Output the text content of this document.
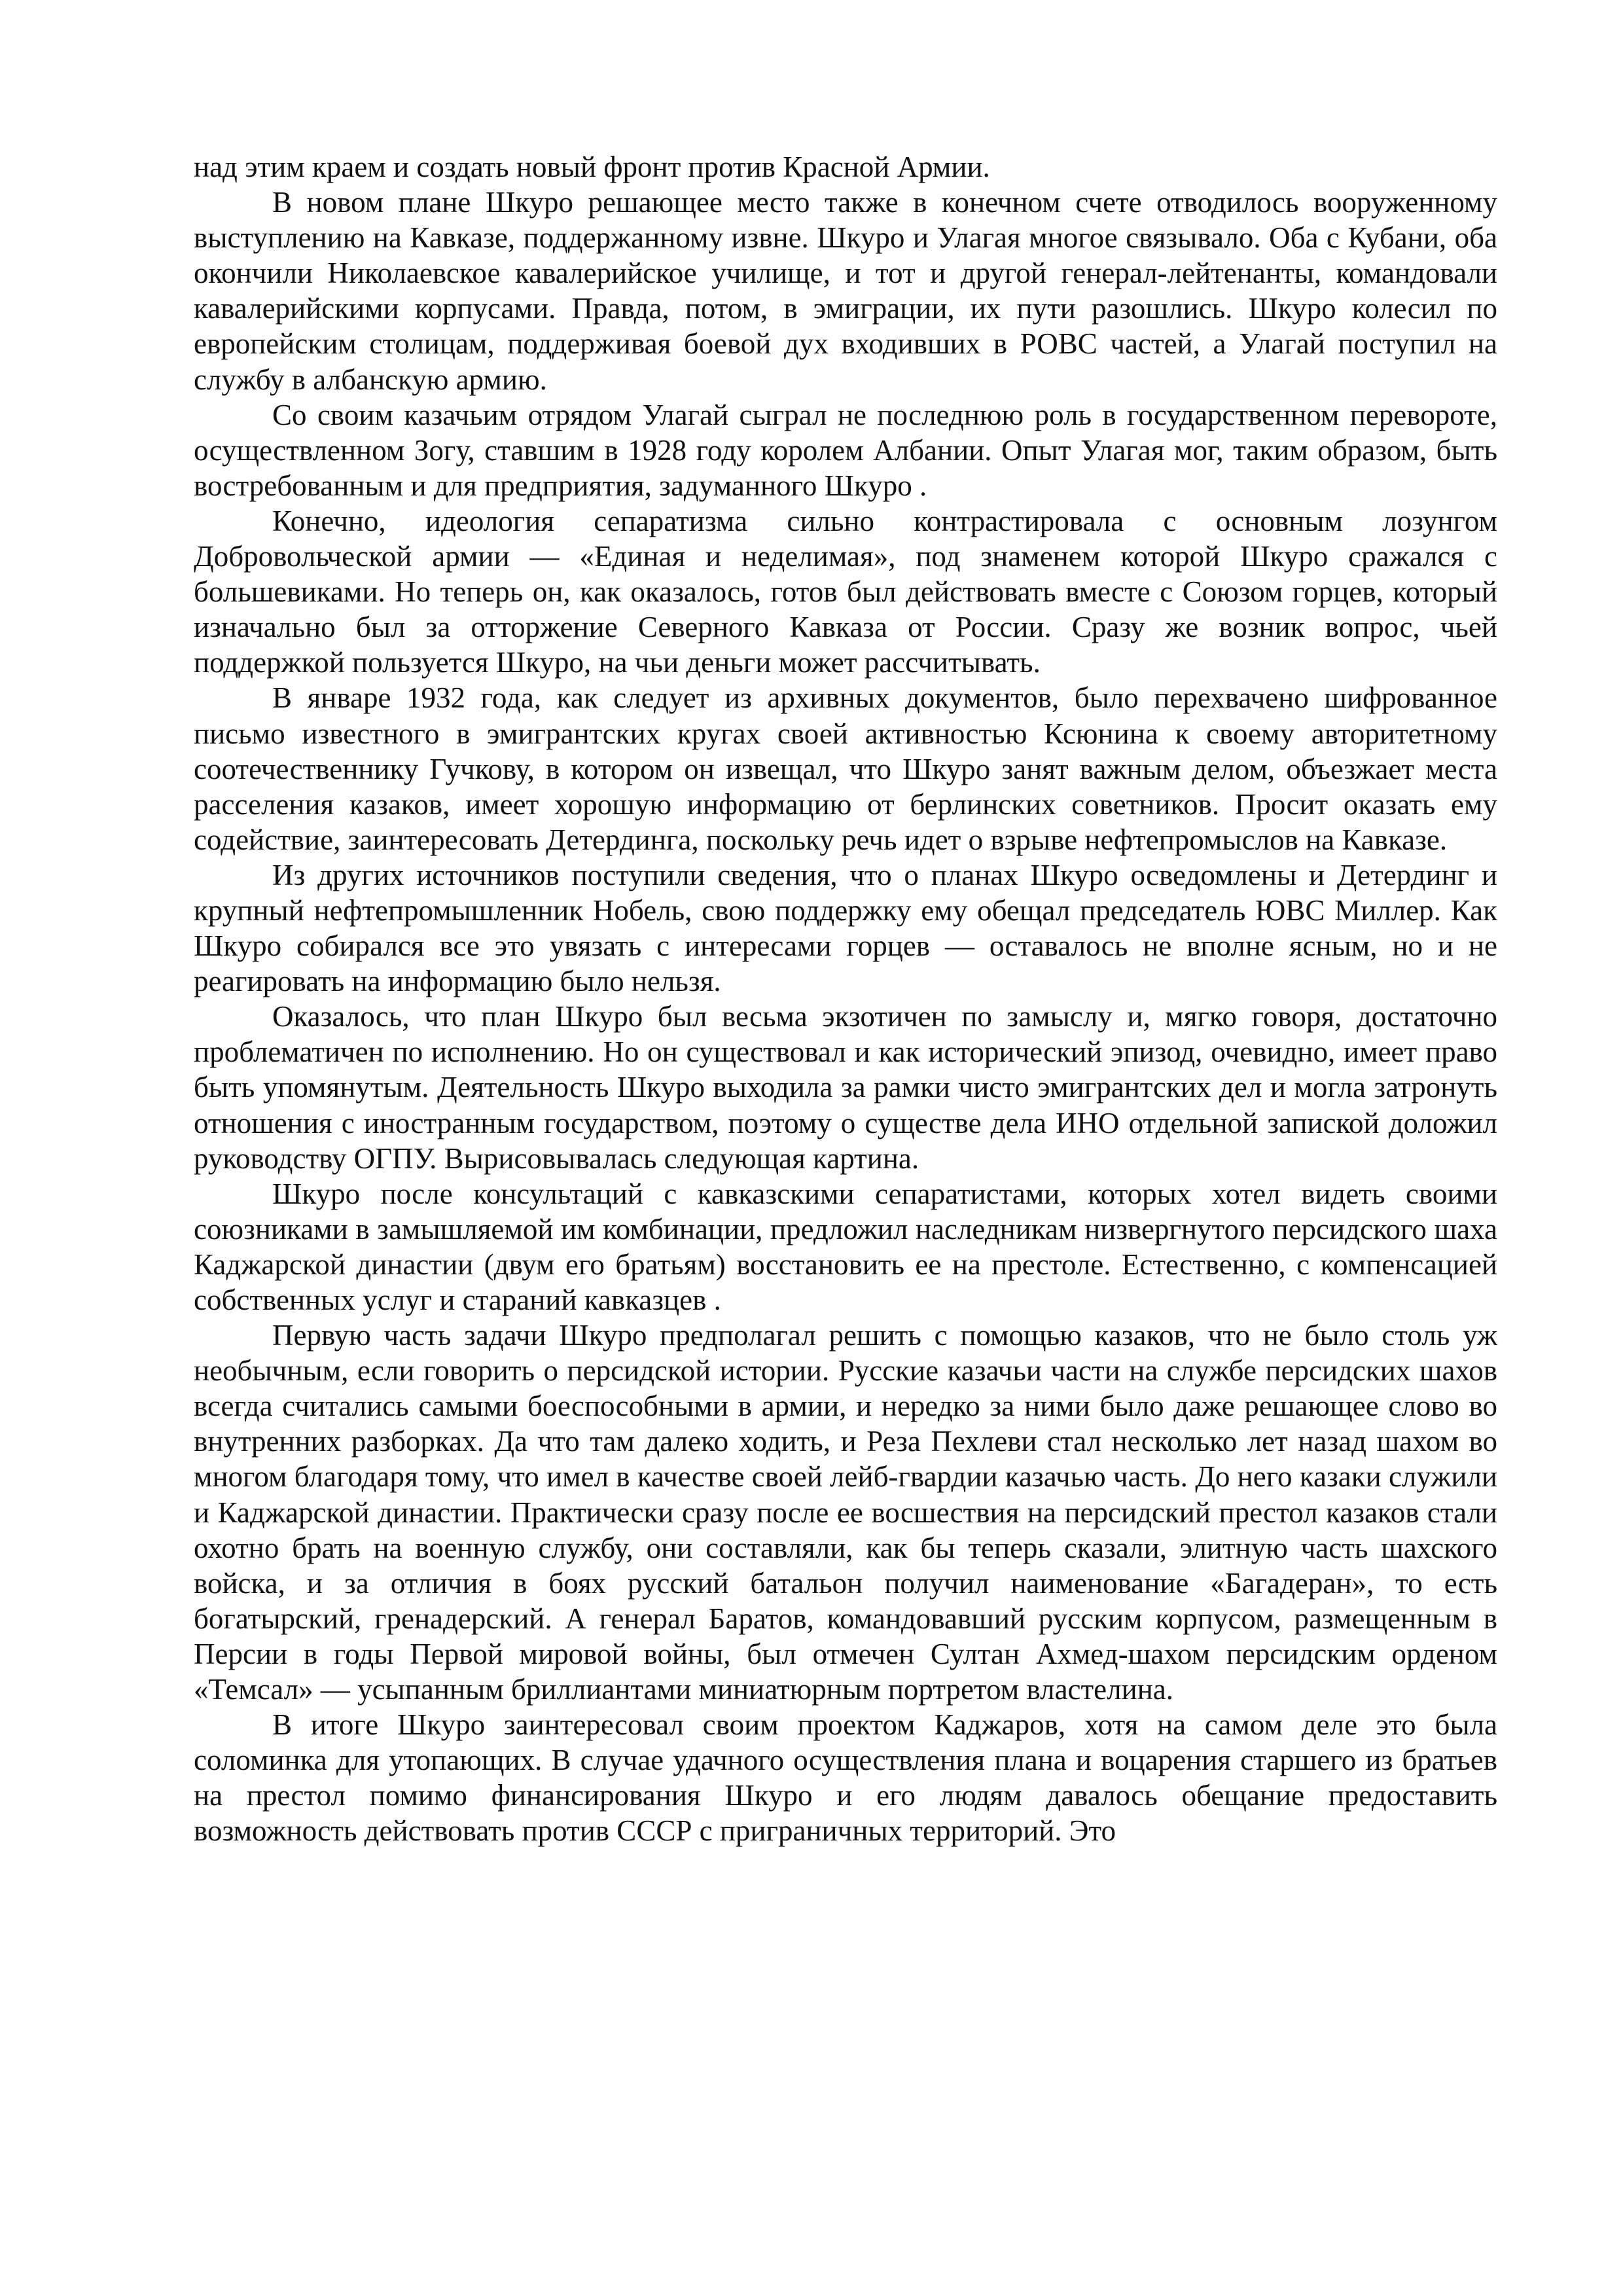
над этим краем и создать новый фронт против Красной Армии.

В новом плане Шкуро решающее место также в конечном счете отводилось вооруженному выступлению на Кавказе, поддержанному извне. Шкуро и Улагая многое связывало. Оба с Кубани, оба окончили Николаевское кавалерийское училище, и тот и другой генерал-лейтенанты, командовали кавалерийскими корпусами. Правда, потом, в эмиграции, их пути разошлись. Шкуро колесил по европейским столицам, поддерживая боевой дух входивших в РОВС частей, а Улагай поступил на службу в албанскую армию.

Со своим казачьим отрядом Улагай сыграл не последнюю роль в государственном перевороте, осуществленном Зогу, ставшим в 1928 году королем Албании. Опыт Улагая мог, таким образом, быть востребованным и для предприятия, задуманного Шкуро .

Конечно, идеология сепаратизма сильно контрастировала с основным лозунгом Добровольческой армии — «Единая и неделимая», под знаменем которой Шкуро сражался с большевиками. Но теперь он, как оказалось, готов был действовать вместе с Союзом горцев, который изначально был за отторжение Северного Кавказа от России. Сразу же возник вопрос, чьей поддержкой пользуется Шкуро, на чьи деньги может рассчитывать.

В январе 1932 года, как следует из архивных документов, было перехвачено шифрованное письмо известного в эмигрантских кругах своей активностью Ксюнина к своему авторитетному соотечественнику Гучкову, в котором он извещал, что Шкуро занят важным делом, объезжает места расселения казаков, имеет хорошую информацию от берлинских советников. Просит оказать ему содействие, заинтересовать Детердинга, поскольку речь идет о взрыве нефтепромыслов на Кавказе.

Из других источников поступили сведения, что о планах Шкуро осведомлены и Детердинг и крупный нефтепромышленник Нобель, свою поддержку ему обещал председатель ЮВС Миллер. Как Шкуро собирался все это увязать с интересами горцев — оставалось не вполне ясным, но и не реагировать на информацию было нельзя.

Оказалось, что план Шкуро был весьма экзотичен по замыслу и, мягко говоря, достаточно проблематичен по исполнению. Но он существовал и как исторический эпизод, очевидно, имеет право быть упомянутым. Деятельность Шкуро выходила за рамки чисто эмигрантских дел и могла затронуть отношения с иностранным государством, поэтому о существе дела ИНО отдельной запиской доложил руководству ОГПУ. Вырисовывалась следующая картина.

Шкуро после консультаций с кавказскими сепаратистами, которых хотел видеть своими союзниками в замышляемой им комбинации, предложил наследникам низвергнутого персидского шаха Каджарской династии (двум его братьям) восстановить ее на престоле. Естественно, с компенсацией собственных услуг и стараний кавказцев .

Первую часть задачи Шкуро предполагал решить с помощью казаков, что не было столь уж необычным, если говорить о персидской истории. Русские казачьи части на службе персидских шахов всегда считались самыми боеспособными в армии, и нередко за ними было даже решающее слово во внутренних разборках. Да что там далеко ходить, и Реза Пехлеви стал несколько лет назад шахом во многом благодаря тому, что имел в качестве своей лейб-гвардии казачью часть. До него казаки служили и Каджарской династии. Практически сразу после ее восшествия на персидский престол казаков стали охотно брать на военную службу, они составляли, как бы теперь сказали, элитную часть шахского войска, и за отличия в боях русский батальон получил наименование «Багадеран», то есть богатырский, гренадерский. А генерал Баратов, командовавший русским корпусом, размещенным в Персии в годы Первой мировой войны, был отмечен Султан Ахмед-шахом персидским орденом «Темсал» — усыпанным бриллиантами миниатюрным портретом властелина.

В итоге Шкуро заинтересовал своим проектом Каджаров, хотя на самом деле это была соломинка для утопающих. В случае удачного осуществления плана и воцарения старшего из братьев на престол помимо финансирования Шкуро и его людям давалось обещание предоставить возможность действовать против СССР с приграничных территорий. Это
